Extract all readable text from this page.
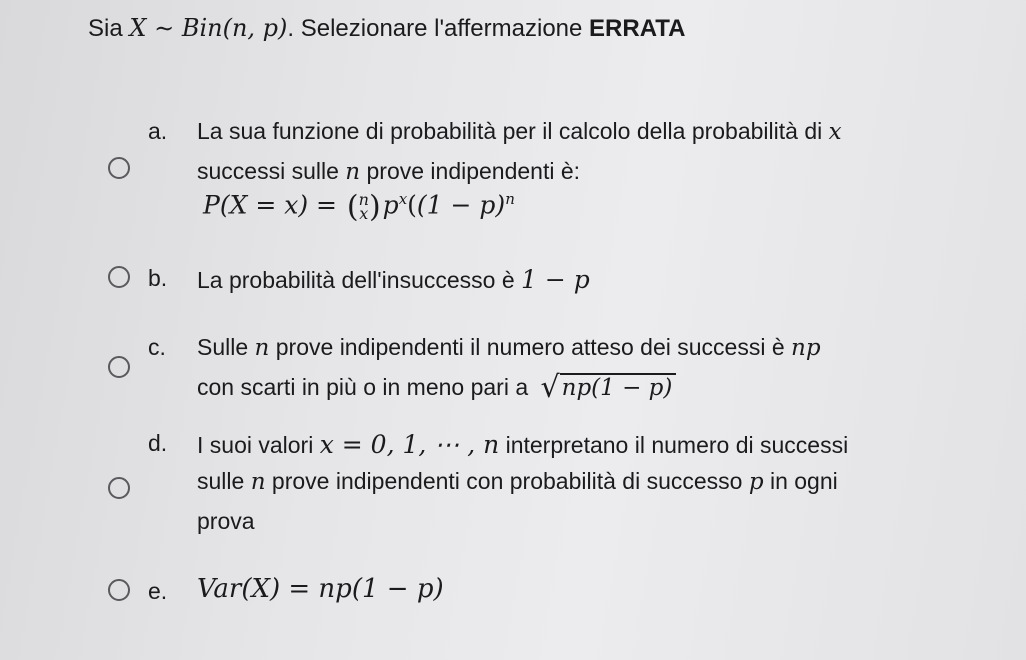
Sia X ∼ Bin(n, p). Selezionare l'affermazione ERRATA
a. La sua funzione di probabilità per il calcolo della probabilità di x
successi sulle n prove indipendenti è:
P(X = x) = (n
$x)p^x((1 - p)^n$
b. La probabilità dell'insuccesso è 1 − p
c. Sulle n prove indipendenti il numero atteso dei successi è np
con scarti in più o in meno pari a √np(1 − p)
d. I suoi valori x = 0, 1, ⋯ , n interpretano il numero di successi
sulle n prove indipendenti con probabilità di successo p in ogni
prova
e. Var(X) = np(1 − p)
